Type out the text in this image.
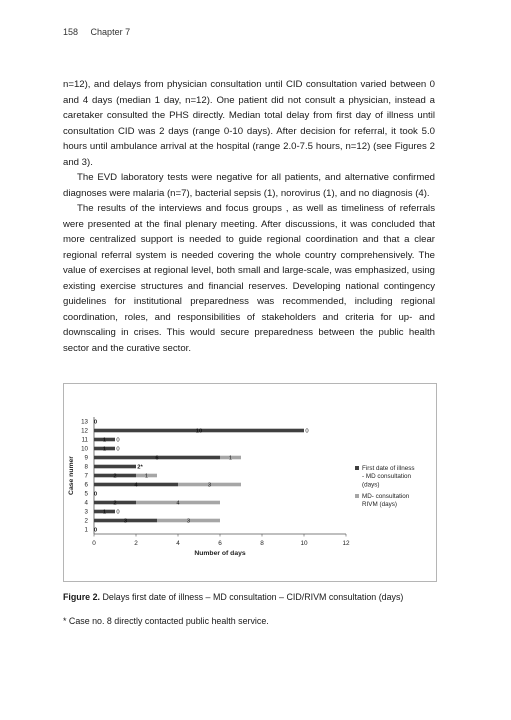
158 Chapter 7

n=12), and delays from physician consultation until CID consultation varied between 0 and 4 days (median 1 day, n=12). One patient did not consult a physician, instead a caretaker consulted the PHS directly. Median total delay from first day of illness until consultation CID was 2 days (range 0-10 days). After decision for referral, it took 5.0 hours until ambulance arrival at the hospital (range 2.0-7.5 hours, n=12) (see Figures 2 and 3).

The EVD laboratory tests were negative for all patients, and alternative confirmed diagnoses were malaria (n=7), bacterial sepsis (1), norovirus (1), and no diagnosis (4).

The results of the interviews and focus groups , as well as timeliness of referrals were presented at the final plenary meeting. After discussions, it was concluded that more centralized support is needed to guide regional coordination and that a clear regional referral system is needed covering the whole country comprehensively. The value of exercises at regional level, both small and large-scale, was emphasized, using existing exercise structures and financial reserves. Developing national contingency guidelines for institutional preparedness was recommended, including regional coordination, roles, and responsibilities of stakeholders and criteria for up- and downscaling in crises. This would secure preparedness between the public health sector and the curative sector.

0	2	4	6	8	10	12
1
2
3
4
5
6
7
8
9
10
11
12
13
Number of days
Case numer
0
3	3
1 0
2	4
0
4	3
2	1
2*
6	1
1 0
1 0
10	0
0
First date of illness - MD consultation (days)
MD- consultation RIVM (days)
Figure 2. Delays first date of illness – MD consultation – CID/RIVM consultation (days)
* Case no. 8 directly contacted public health service.
